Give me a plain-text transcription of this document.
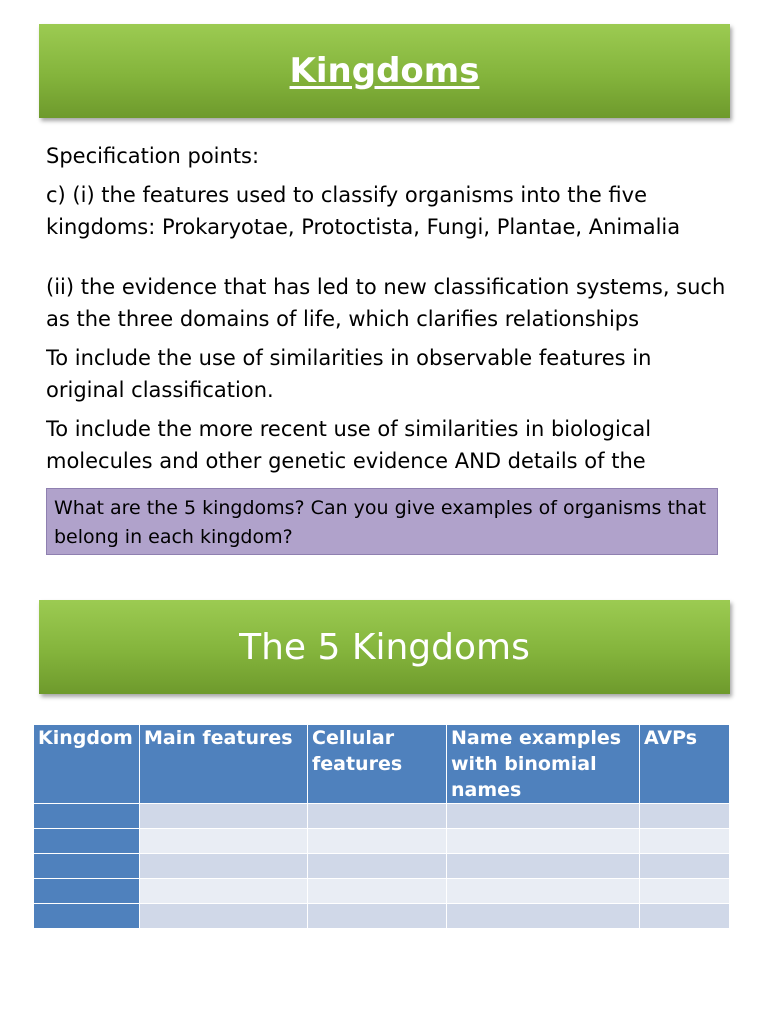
Kingdoms

Specification points:

c) (i) the features used to classify organisms into the five kingdoms: Prokaryotae, Protoctista, Fungi, Plantae, Animalia

(ii) the evidence that has led to new classification systems, such as the three domains of life, which clarifies relationships

To include the use of similarities in observable features in original classification.

To include the more recent use of similarities in biological molecules and other genetic evidence AND details of the

What are the 5 kingdoms? Can you give examples of organisms that belong in each kingdom?
The 5 Kingdoms
Kingdom	Main features	Cellular features	Name examples with binomial names	AVPs
